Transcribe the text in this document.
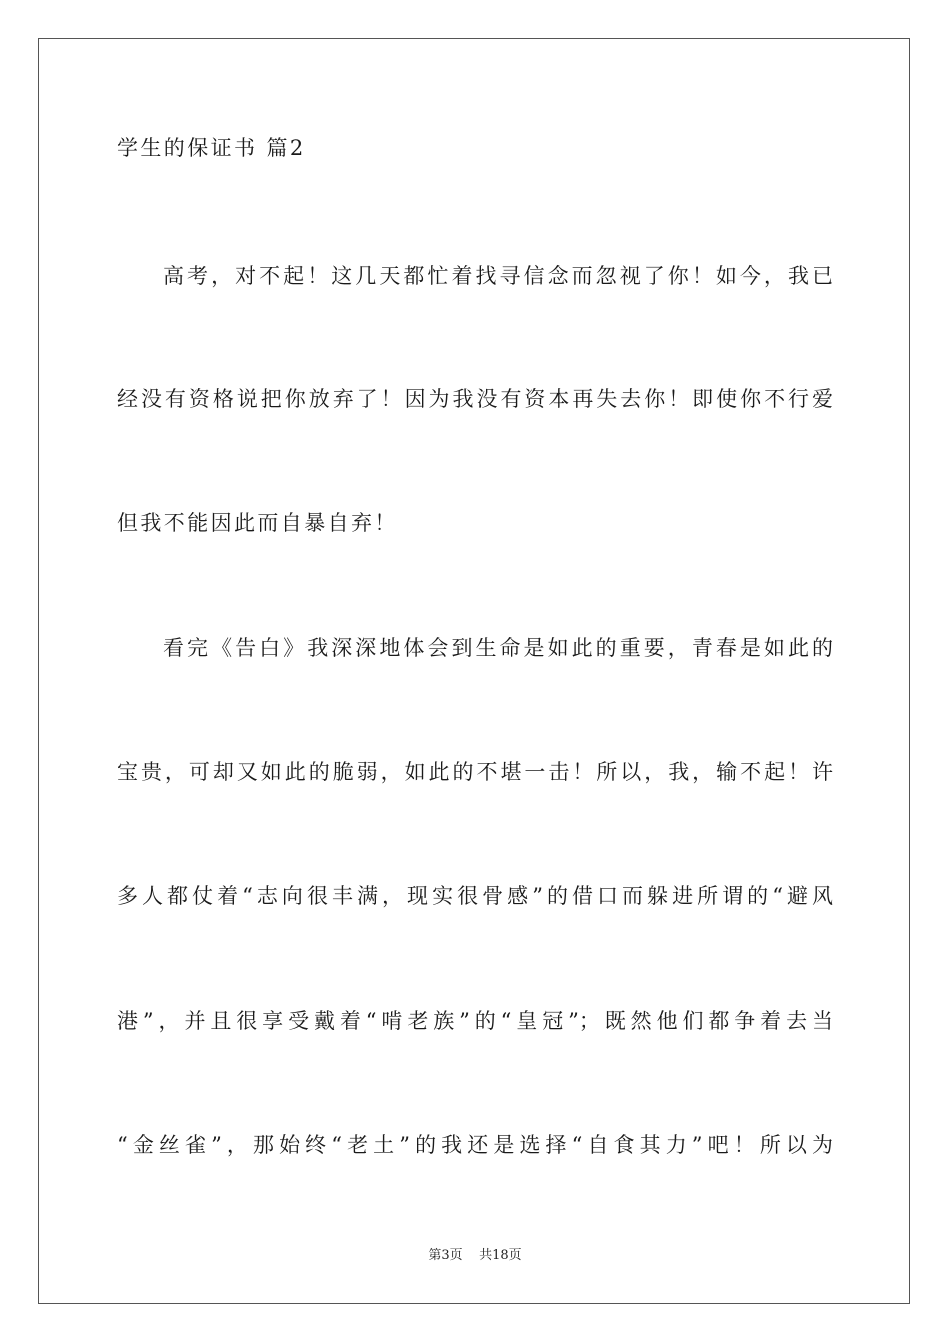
学生的保证书 篇2
高考，对不起！这几天都忙着找寻信念而忽视了你！如今，我已
经没有资格说把你放弃了！因为我没有资本再失去你！即使你不行爱
但我不能因此而自暴自弃！
看完《告白》我深深地体会到生命是如此的重要，青春是如此的
宝贵，可却又如此的脆弱，如此的不堪一击！所以，我，输不起！许
多人都仗着“志向很丰满，现实很骨感”的借口而躲进所谓的“避风
港”，并且很享受戴着“啃老族”的“皇冠”；既然他们都争着去当
“金丝雀”，那始终“老土”的我还是选择“自食其力”吧！所以为
第3页 共18页
